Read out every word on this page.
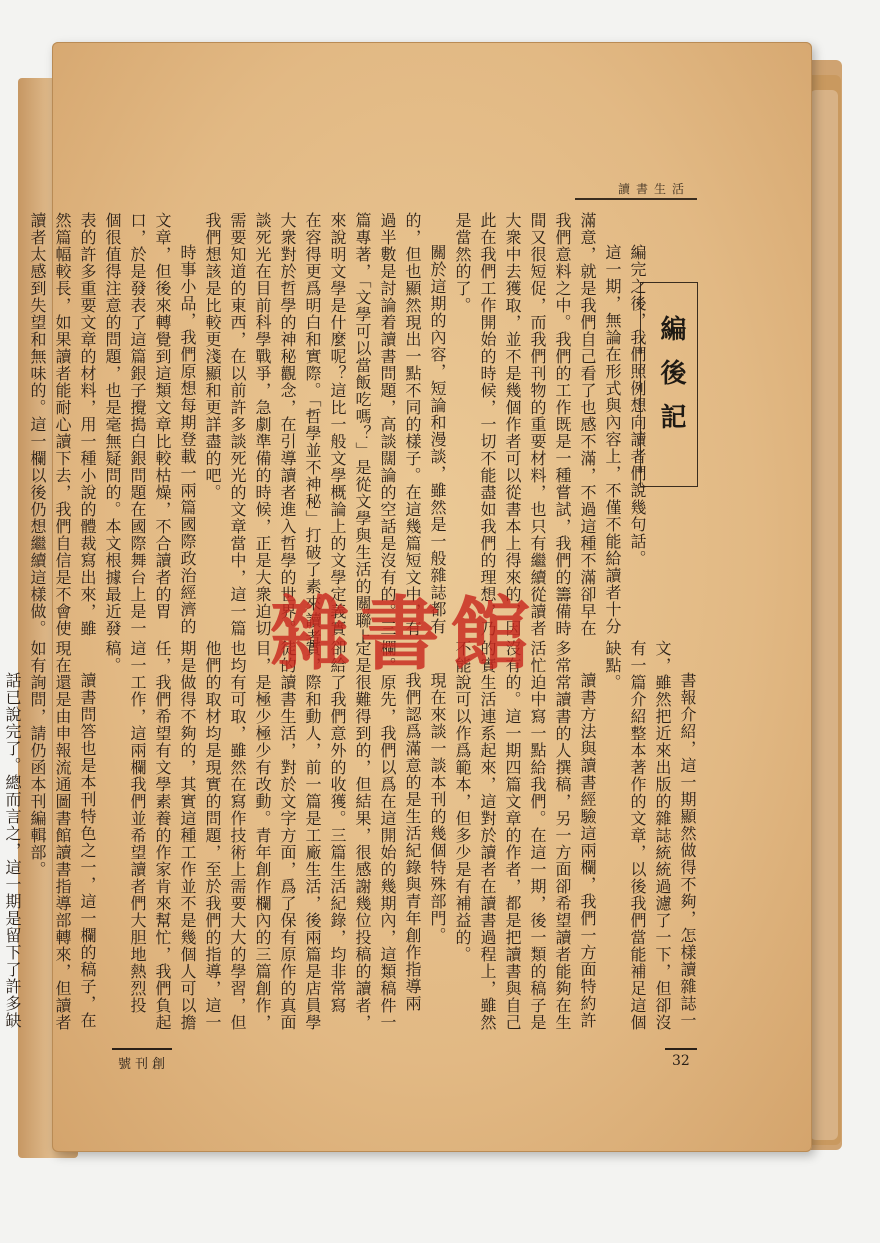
讀書生活
編後記

編完之後，我們照例想向讀者們說幾句話。

這一期，無論在形式與內容上，不僅不能給讀者十分滿意，就是我們自己看了也感不滿，不過這種不滿卻早在我們意料之中。我們的工作既是一種嘗試，我們的籌備時間又很短促，而我們刊物的重要材料，也只有繼續從讀者大衆中去獲取，並不是幾個作者可以從書本上得來的，因此在我們工作開始的時候，一切不能盡如我們的理想，乃是當然的了。

關於這期的內容，短論和漫談，雖然是一般雜誌都有的，但也顯然現出一點不同的樣子。在這幾篇短文中，有過半數是討論着讀書問題，高談闊論的空話是沒有的。三篇專著，「文學可以當飯吃嗎？」是從文學與生活的關聯上來說明文學是什麼呢？這比一般文學概論上的文學定義實在容得更爲明白和實際。「哲學並不神秘」打破了素來讀者大衆對於哲學的神秘觀念，在引導讀者進入哲學的世界。談死光在目前科學戰爭，急劇準備的時候，正是大衆迫切需要知道的東西，在以前許多談死光的文章當中，這一篇我們想該是比較更淺顯和更詳盡的吧。

時事小品，我們原想每期登載一兩篇國際政治經濟的文章，但後來轉覺到這類文章比較枯燥，不合讀者的胃口，於是發表了這篇銀子攪搗白銀問題在國際舞台上是一個很值得注意的問題，也是毫無疑問的。本文根據最近發表的許多重要文章的材料，用一種小說的體裁寫出來，雖然篇幅較長，如果讀者能耐心讀下去，我們自信是不會使讀者太感到失望和無味的。這一欄以後仍想繼續這樣做。

書報介紹，這一期顯然做得不夠，怎樣讀雜誌一文，雖然把近來出版的雜誌統統過濾了一下，但卻沒有一篇介紹整本著作的文章，以後我們當能補足這個缺點。

讀書方法與讀書經驗這兩欄，我們一方面特約許多常常讀書的人撰稿，另一方面卻希望讀者能夠在生活忙迫中寫一點給我們。在這一期，後一類的稿子是沒有的。這一期四篇文章的作者，都是把讀書與自己的實生活連系起來，這對於讀者在讀書過程上，雖然不能說可以作爲範本，但多少是有補益的。

現在來談一談本刊的幾個特殊部門。

我們認爲滿意的是生活紀錄與青年創作指導兩欄。原先，我們以爲在這開始的幾期內，這類稿件一定是很難得到的，但結果，很感謝幾位投稿的讀者，卻給了我們意外的收獲。三篇生活紀錄，均非常寫實，際和動人，前一篇是工廠生活，後兩篇是店員學徒的讀書生活，對於文字方面，爲了保有原作的真面目，是極少極少有改動。青年創作欄內的三篇創作，也均有可取，雖然在寫作技術上需要大大的學習，但他們的取材均是現實的問題，至於我們的指導，這一期是做得不夠的，其實這種工作並不是幾個人可以擔任，我們希望有文學素養的作家肯來幫忙，我們負起這一工作，這兩欄我們並希望讀者們大胆地熱烈投稿。

讀書問答也是本刊特色之一，這一欄的稿子，在現在還是由申報流通圖書館讀書指導部轉來，但讀者如有詢問，請仍函本刊編輯部。

話已說完了。總而言之，這一期是留下了許多缺

雜書館
號刊創	32
